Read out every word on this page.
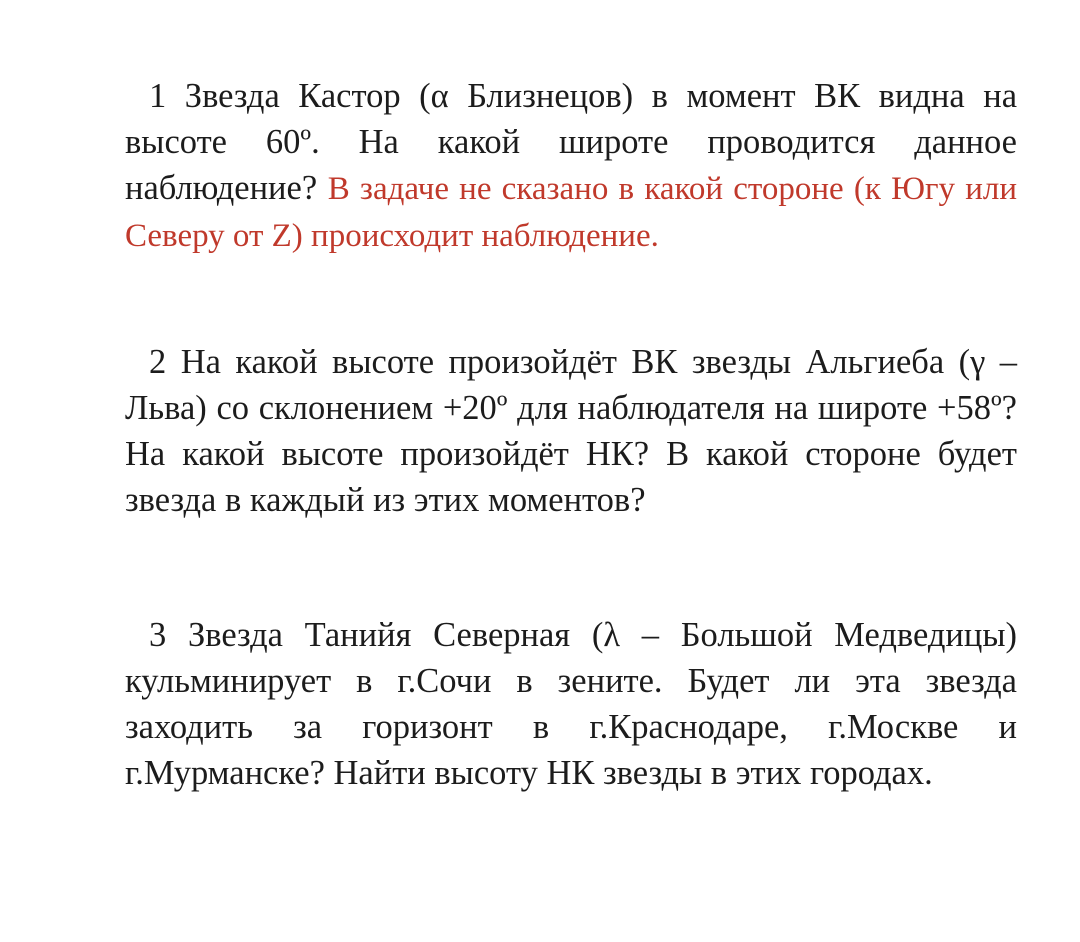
1 Звезда Кастор (α Близнецов) в момент ВК видна на высоте 60º. На какой широте проводится данное наблюдение? В задаче не сказано в какой стороне (к Югу или Северу от Z) происходит наблюдение.

2 На какой высоте произойдёт ВК звезды Альгиеба (γ – Льва) со склонением +20º для наблюдателя на широте +58º? На какой высоте произойдёт НК? В какой стороне будет звезда в каждый из этих моментов?

3 Звезда Танийя Северная (λ – Большой Медведицы) кульминирует в г.Сочи в зените. Будет ли эта звезда заходить за горизонт в г.Краснодаре, г.Москве и г.Мурманске? Найти высоту НК звезды в этих городах.
